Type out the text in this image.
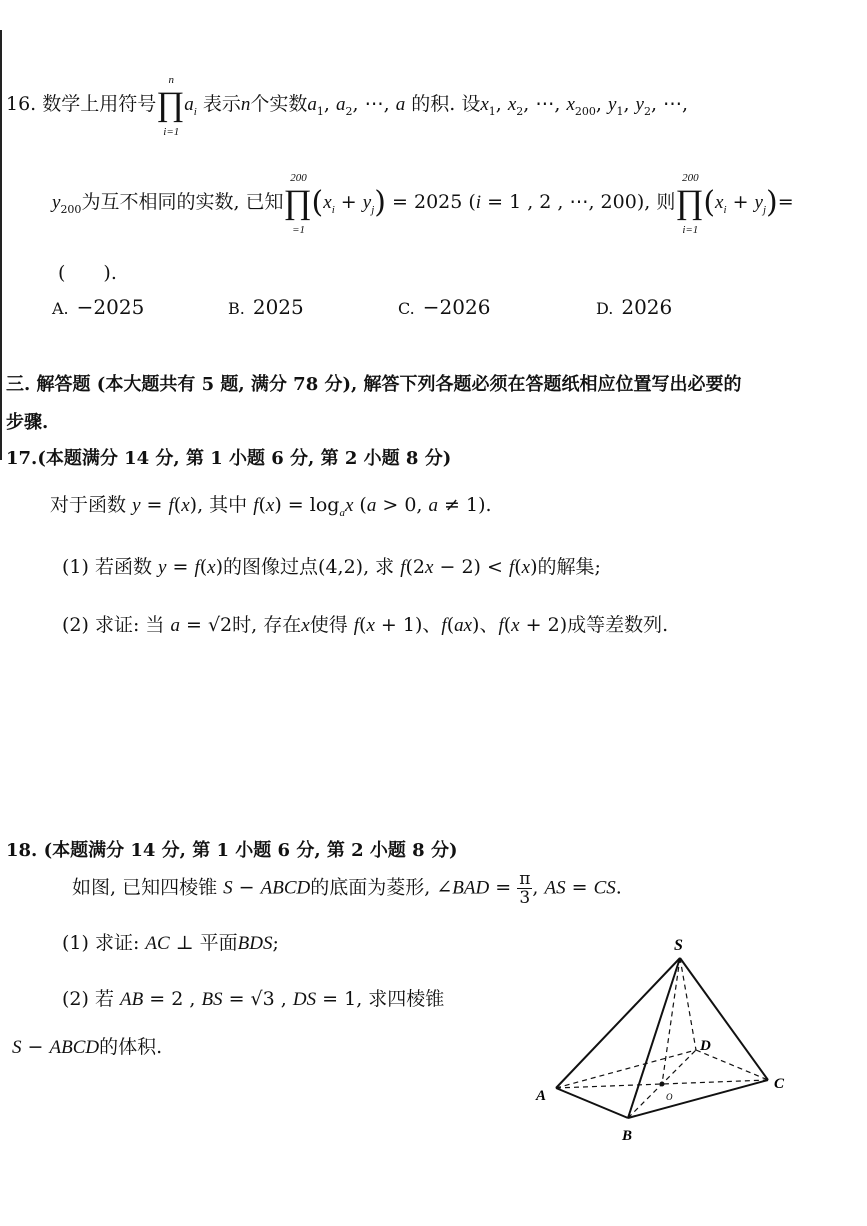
16. 数学上用符号 ∏
n
i=1
$a_i$ 表示n个实数$a_1$, $a_2$, ⋯, a 的积. 设$x_1$, $x_2$, ⋯, $x_{200}$, $y_1$, $y_2$, ⋯,
$y_{200}$为互不相同的实数, 已知 ∏
200
=1
$(x_i + y_j) = 2025$ (i = 1 , 2 , ⋯, 200), 则 ∏
200
i=1
$(x_i + y_j)=$
(　　).
A. −2025	B. 2025	C. −2026	D. 2026
三. 解答题 (本大题共有 5 题, 满分 78 分), 解答下列各题必须在答题纸相应位置写出必要的
步骤.
17.(本题满分 14 分, 第 1 小题 6 分, 第 2 小题 8 分)
对于函数 y = f(x), 其中 $f(x) = \log_ax$ (a > 0, a ≠ 1).
(1) 若函数 y = f(x)的图像过点(4,2), 求 f(2x − 2) < f(x)的解集;
(2) 求证: 当 a = √2时, 存在x使得 f(x + 1)、f(ax)、f(x + 2)成等差数列.
18. (本题满分 14 分, 第 1 小题 6 分, 第 2 小题 8 分)
如图, 已知四棱锥 S − ABCD的底面为菱形, ∠BAD = $\frac{\pi}{3}$ , AS = CS.
(1) 求证: AC ⊥ 平面BDS;
(2) 若 AB = 2 , BS = √3 , DS = 1, 求四棱锥
S − ABCD的体积.
S
A
B
C
D
O
